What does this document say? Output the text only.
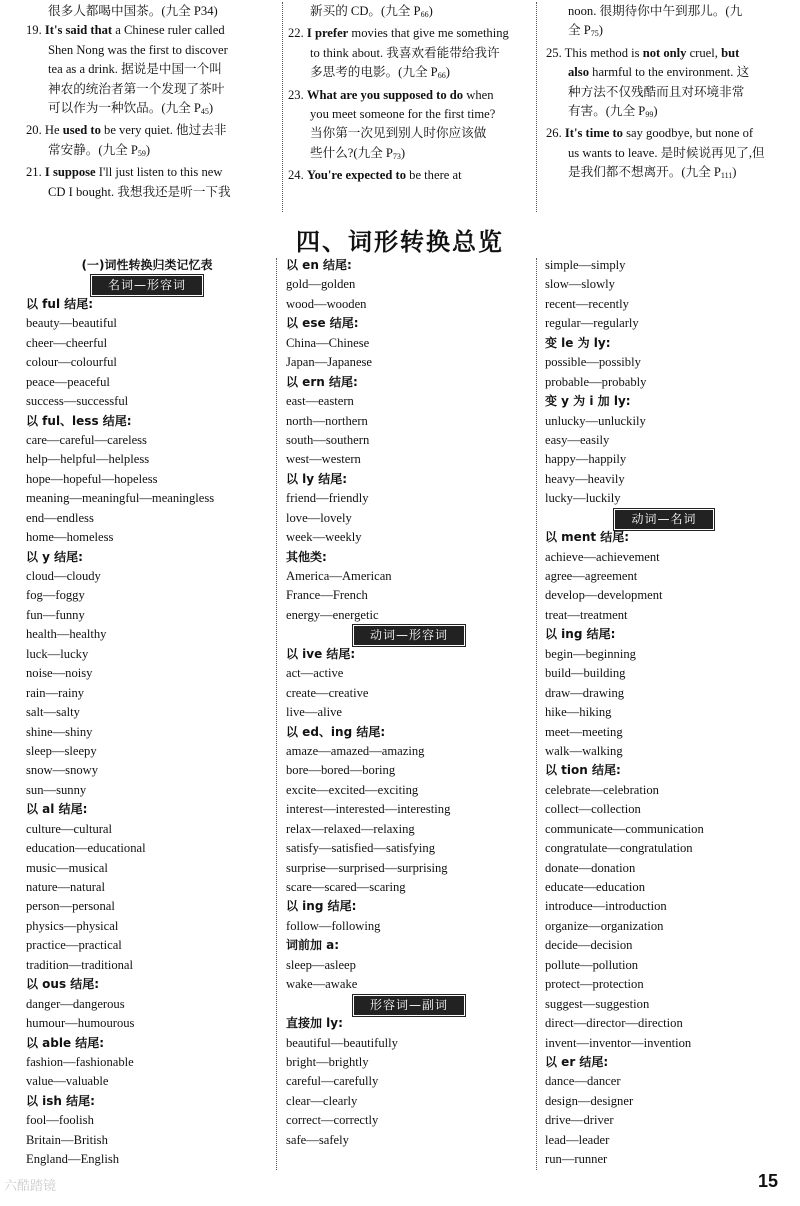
很多人都喝中国茶。(九全 P34)
19. It's said that a Chinese ruler called
Shen Nong was the first to discover
tea as a drink. 据说是中国一个叫
神农的统治者第一个发现了茶叶
可以作为一种饮品。(九全 $P_{45}$)
20. He used to be very quiet. 他过去非
常安静。(九全 $P_{59}$)
21. I suppose I'll just listen to this new
CD I bought. 我想我还是听一下我
新买的 CD。(九全 $P_{66}$)
22. I prefer movies that give me something
to think about. 我喜欢看能带给我许
多思考的电影。(九全 $P_{66}$)
23. What are you supposed to do when
you meet someone for the first time?
当你第一次见到别人时你应该做
些什么?(九全 $P_{73}$)
24. You're expected to be there at
noon. 很期待你中午到那儿。(九
全 $P_{75}$)
25. This method is not only cruel, but
also harmful to the environment. 这
种方法不仅残酷而且对环境非常
有害。(九全 $P_{99}$)
26. It's time to say goodbye, but none of
us wants to leave. 是时候说再见了,但
是我们都不想离开。(九全 $P_{111}$)
四、词形转换总览
(一)词性转换归类记忆表
名词—形容词
以 ful 结尾:
beauty—beautiful
cheer—cheerful
colour—colourful
peace—peaceful
success—successful
以 ful、less 结尾:
care—careful—careless
help—helpful—helpless
hope—hopeful—hopeless
meaning—meaningful—meaningless
end—endless
home—homeless
以 y 结尾:
cloud—cloudy
fog—foggy
fun—funny
health—healthy
luck—lucky
noise—noisy
rain—rainy
salt—salty
shine—shiny
sleep—sleepy
snow—snowy
sun—sunny
以 al 结尾:
culture—cultural
education—educational
music—musical
nature—natural
person—personal
physics—physical
practice—practical
tradition—traditional
以 ous 结尾:
danger—dangerous
humour—humourous
以 able 结尾:
fashion—fashionable
value—valuable
以 ish 结尾:
fool—foolish
Britain—British
England—English
以 en 结尾:
gold—golden
wood—wooden
以 ese 结尾:
China—Chinese
Japan—Japanese
以 ern 结尾:
east—eastern
north—northern
south—southern
west—western
以 ly 结尾:
friend—friendly
love—lovely
week—weekly
其他类:
America—American
France—French
energy—energetic
动词—形容词
以 ive 结尾:
act—active
create—creative
live—alive
以 ed、ing 结尾:
amaze—amazed—amazing
bore—bored—boring
excite—excited—exciting
interest—interested—interesting
relax—relaxed—relaxing
satisfy—satisfied—satisfying
surprise—surprised—surprising
scare—scared—scaring
以 ing 结尾:
follow—following
词前加 a:
sleep—asleep
wake—awake
形容词—副词
直接加 ly:
beautiful—beautifully
bright—brightly
careful—carefully
clear—clearly
correct—correctly
safe—safely
simple—simply
slow—slowly
recent—recently
regular—regularly
变 le 为 ly:
possible—possibly
probable—probably
变 y 为 i 加 ly:
unlucky—unluckily
easy—easily
happy—happily
heavy—heavily
lucky—luckily
动词—名词
以 ment 结尾:
achieve—achievement
agree—agreement
develop—development
treat—treatment
以 ing 结尾:
begin—beginning
build—building
draw—drawing
hike—hiking
meet—meeting
walk—walking
以 tion 结尾:
celebrate—celebration
collect—collection
communicate—communication
congratulate—congratulation
donate—donation
educate—education
introduce—introduction
organize—organization
decide—decision
pollute—pollution
protect—protection
suggest—suggestion
direct—director—direction
invent—inventor—invention
以 er 结尾:
dance—dancer
design—designer
drive—driver
lead—leader
run—runner
六酷踏镜	15
